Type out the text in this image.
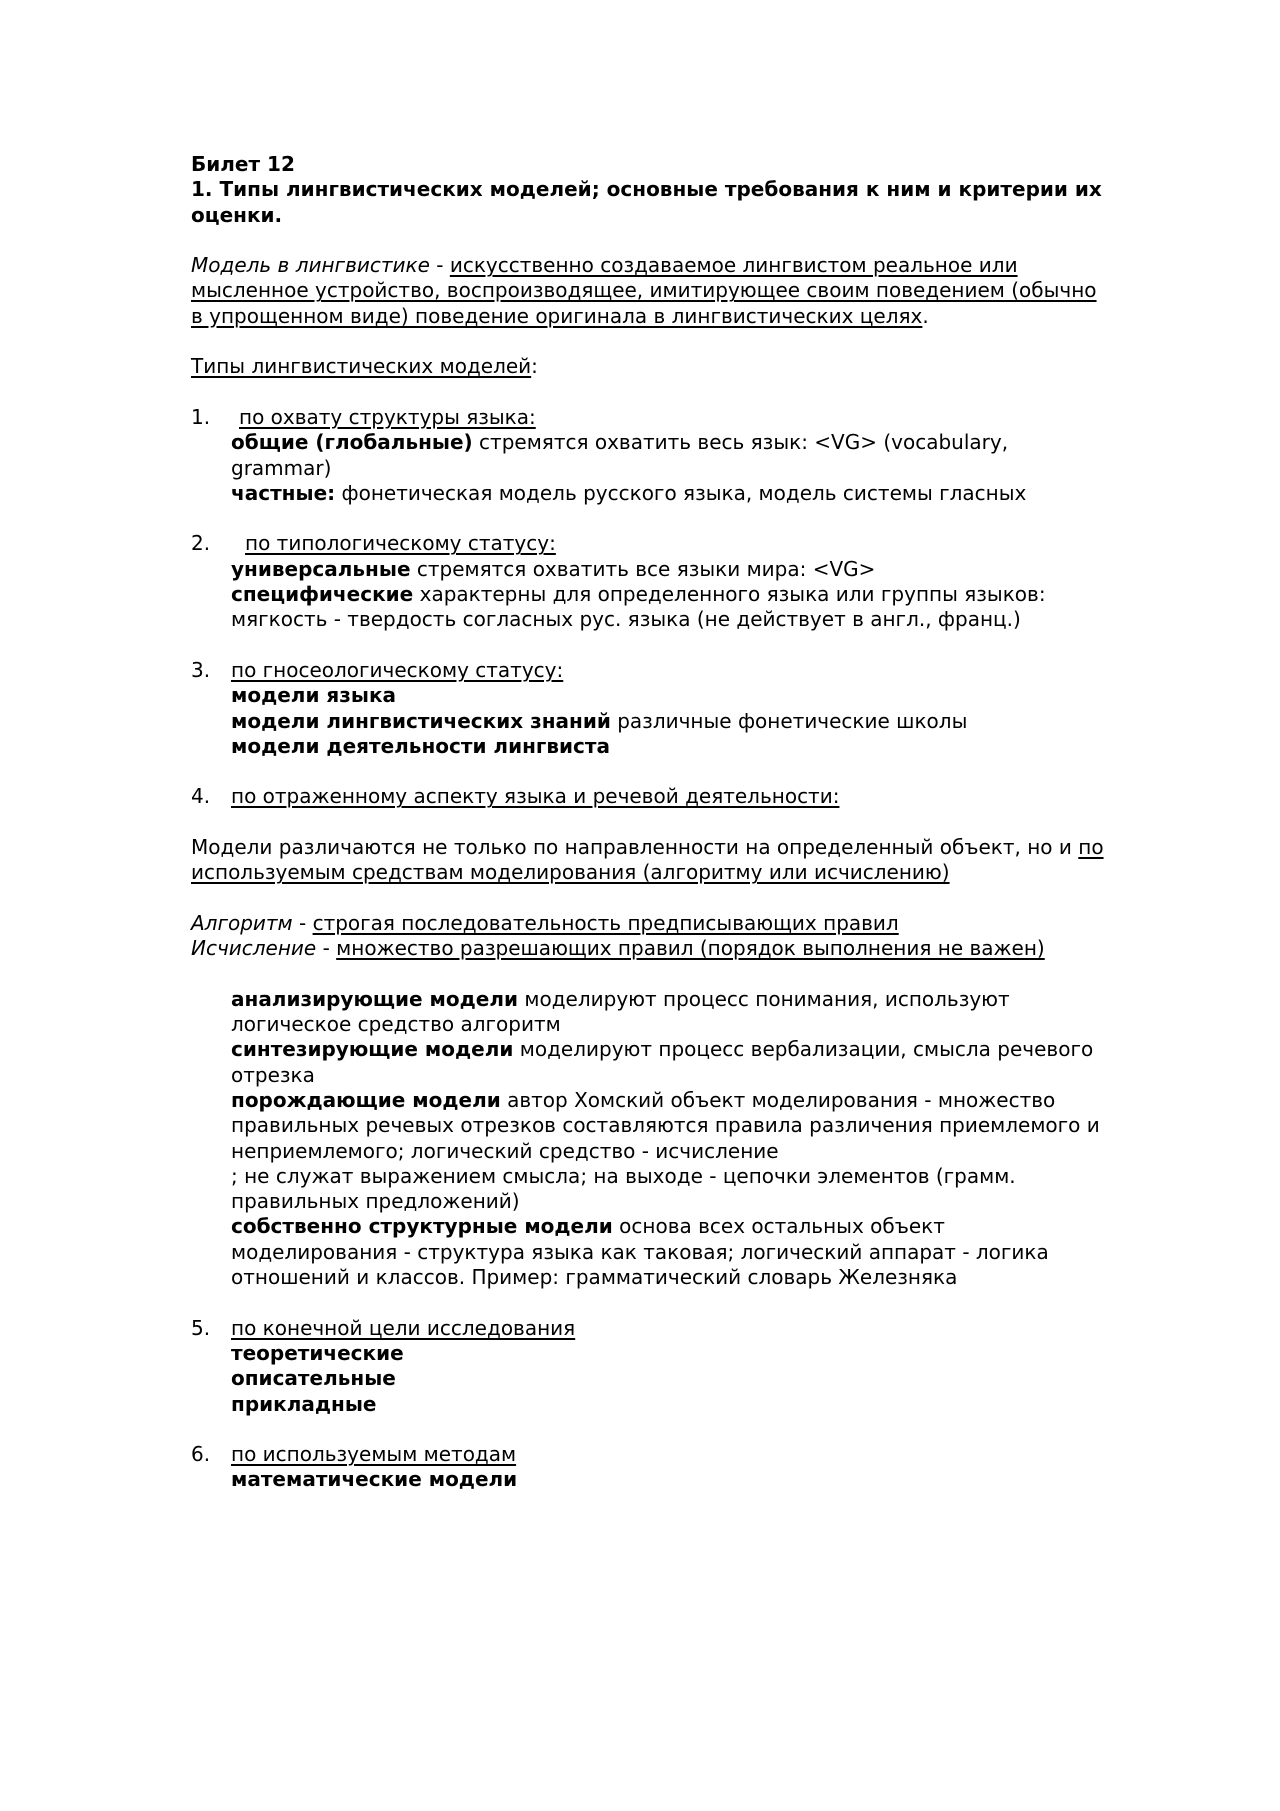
Билет 12

1. Типы лингвистических моделей; основные требования к ним и критерии их оценки.

Модель в лингвистике - искусственно создаваемое лингвистом реальное или мысленное устройство, воспроизводящее, имитирующее своим поведением (обычно в упрощенном виде) поведение оригинала в лингвистических целях.

Типы лингвистических моделей:

1.	по охвату структуры языка:

общие (глобальные) стремятся охватить весь язык: <VG> (vocabulary, grammar)

частные: фонетическая модель русского языка, модель системы гласных

2.	по типологическому статусу:

универсальные стремятся охватить все языки мира: <VG>

специфические характерны для определенного языка или группы языков: мягкость - твердость согласных рус. языка (не действует в англ., франц.)

3. по гносеологическому статусу:

модели языка

модели лингвистических знаний различные фонетические школы

модели деятельности лингвиста

4. по отраженному аспекту языка и речевой деятельности:

Модели различаются не только по направленности на определенный объект, но и по используемым средствам моделирования (алгоритму или исчислению)

Алгоритм - строгая последовательность предписывающих правил

Исчисление - множество разрешающих правил (порядок выполнения не важен)

анализирующие модели моделируют процесс понимания, используют логическое средство алгоритм

синтезирующие модели моделируют процесс вербализации, смысла речевого отрезка

порождающие модели автор Хомский объект моделирования - множество правильных речевых отрезков составляются правила различения приемлемого и неприемлемого; логический средство - исчисление

; не служат выражением смысла; на выходе - цепочки элементов (грамм. правильных предложений)

собственно структурные модели основа всех остальных объект моделирования - структура языка как таковая; логический аппарат - логика отношений и классов. Пример: грамматический словарь Железняка

5. по конечной цели исследования

теоретические

описательные

прикладные

6. по используемым методам

математические модели
